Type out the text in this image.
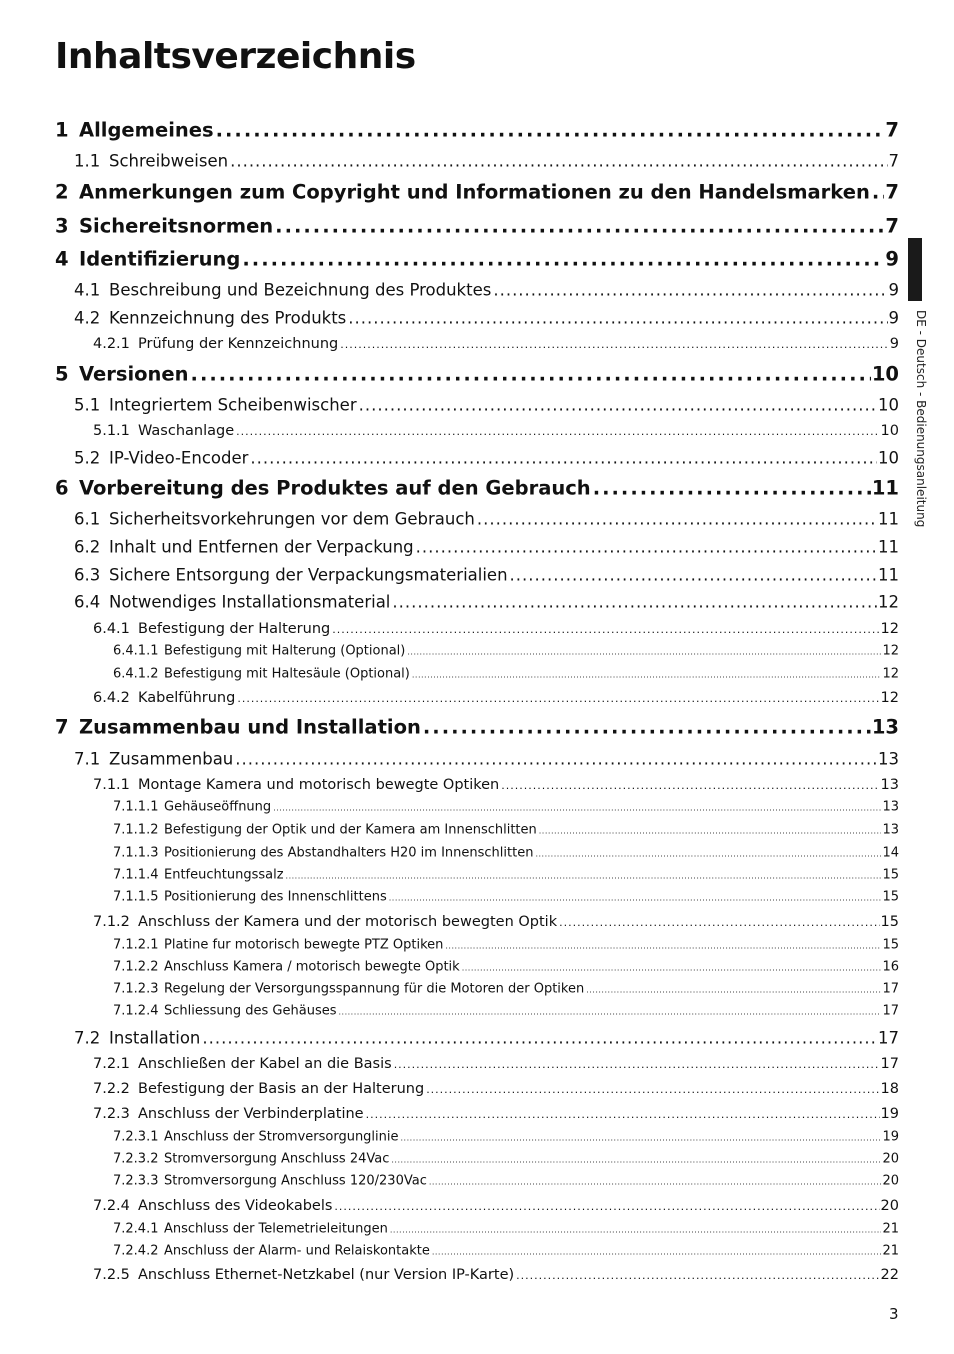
Inhaltsverzeichnis
1 Allgemeines .....	7
1.1 Schreibweisen .....	7
2 Anmerkungen zum Copyright und Informationen zu den Handelsmarken ..... 7
3 Sichereitsnormen .....	7
4 Identifizierung .....	9
4.1 Beschreibung und Bezeichnung des Produktes .....	9
4.2 Kennzeichnung des Produkts .....	9
4.2.1 Prüfung der Kennzeichnung .....	9
5 Versionen .....	10
5.1 Integriertem Scheibenwischer .....	10
5.1.1 Waschanlage .....	10
5.2 IP-Video-Encoder .....	10
6 Vorbereitung des Produktes auf den Gebrauch .....	11
6.1 Sicherheitsvorkehrungen vor dem Gebrauch .....	11
6.2 Inhalt und Entfernen der Verpackung .....	11
6.3 Sichere Entsorgung der Verpackungsmaterialien .....	11
6.4 Notwendiges Installationsmaterial .....	12
6.4.1 Befestigung der Halterung .....	12
6.4.1.1 Befestigung mit Halterung (Optional) .....	12
6.4.1.2 Befestigung mit Haltesäule (Optional) .....	12
6.4.2 Kabelführung .....	12
7 Zusammenbau und Installation .....	13
7.1 Zusammenbau .....	13
7.1.1 Montage Kamera und motorisch bewegte Optiken .....	13
7.1.1.1 Gehäuseöffnung .....	13
7.1.1.2 Befestigung der Optik und der Kamera am Innenschlitten .....	13
7.1.1.3 Positionierung des Abstandhalters H20 im Innenschlitten .....	14
7.1.1.4 Entfeuchtungssalz .....	15
7.1.1.5 Positionierung des Innenschlittens .....	15
7.1.2 Anschluss der Kamera und der motorisch bewegten Optik .....	15
7.1.2.1 Platine fur motorisch bewegte PTZ Optiken .....	15
7.1.2.2 Anschluss Kamera / motorisch bewegte Optik .....	16
7.1.2.3 Regelung der Versorgungsspannung für die Motoren der Optiken .....	17
7.1.2.4 Schliessung des Gehäuses .....	17
7.2 Installation .....	17
7.2.1 Anschließen der Kabel an die Basis .....	17
7.2.2 Befestigung der Basis an der Halterung .....	18
7.2.3 Anschluss der Verbinderplatine .....	19
7.2.3.1 Anschluss der Stromversorgunglinie .....	19
7.2.3.2 Stromversorgung Anschluss 24Vac .....	20
7.2.3.3 Stromversorgung Anschluss 120/230Vac .....	20
7.2.4 Anschluss des Videokabels .....	20
7.2.4.1 Anschluss der Telemetrieleitungen .....	21
7.2.4.2 Anschluss der Alarm- und Relaiskontakte .....	21
7.2.5 Anschluss Ethernet-Netzkabel (nur Version IP-Karte) .....	22
DE - Deutsch - Bedienungsanleitung
3
